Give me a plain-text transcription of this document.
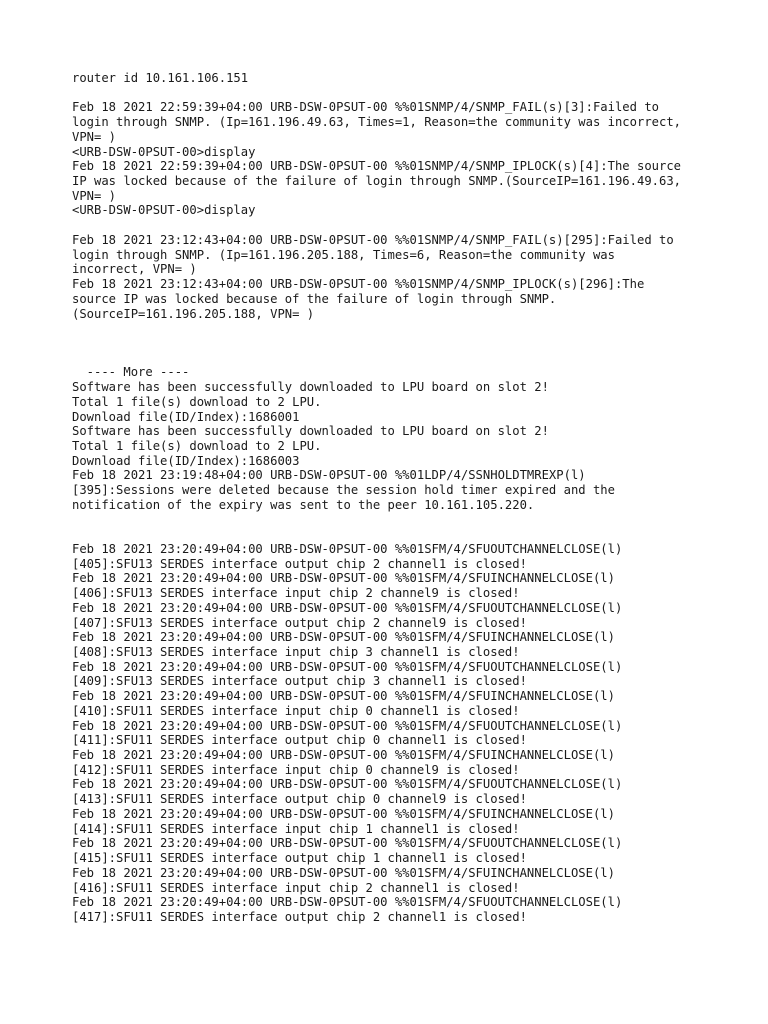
router id 10.161.106.151
Feb 18 2021 22:59:39+04:00 URB-DSW-0PSUT-00 %%01SNMP/4/SNMP_FAIL(s)[3]:Failed to
login through SNMP. (Ip=161.196.49.63, Times=1, Reason=the community was incorrect,
VPN= )
<URB-DSW-0PSUT-00>display
Feb 18 2021 22:59:39+04:00 URB-DSW-0PSUT-00 %%01SNMP/4/SNMP_IPLOCK(s)[4]:The source
IP was locked because of the failure of login through SNMP.(SourceIP=161.196.49.63,
VPN= )
<URB-DSW-0PSUT-00>display
Feb 18 2021 23:12:43+04:00 URB-DSW-0PSUT-00 %%01SNMP/4/SNMP_FAIL(s)[295]:Failed to
login through SNMP. (Ip=161.196.205.188, Times=6, Reason=the community was
incorrect, VPN= )
Feb 18 2021 23:12:43+04:00 URB-DSW-0PSUT-00 %%01SNMP/4/SNMP_IPLOCK(s)[296]:The
source IP was locked because of the failure of login through SNMP.
(SourceIP=161.196.205.188, VPN= )
---- More ----
Software has been successfully downloaded to LPU board on slot 2!
Total 1 file(s) download to 2 LPU.
Download file(ID/Index):1686001
Software has been successfully downloaded to LPU board on slot 2!
Total 1 file(s) download to 2 LPU.
Download file(ID/Index):1686003
Feb 18 2021 23:19:48+04:00 URB-DSW-0PSUT-00 %%01LDP/4/SSNHOLDTMREXP(l)
[395]:Sessions were deleted because the session hold timer expired and the
notification of the expiry was sent to the peer 10.161.105.220.
Feb 18 2021 23:20:49+04:00 URB-DSW-0PSUT-00 %%01SFM/4/SFUOUTCHANNELCLOSE(l)
[405]:SFU13 SERDES interface output chip 2 channel1 is closed!
Feb 18 2021 23:20:49+04:00 URB-DSW-0PSUT-00 %%01SFM/4/SFUINCHANNELCLOSE(l)
[406]:SFU13 SERDES interface input chip 2 channel9 is closed!
Feb 18 2021 23:20:49+04:00 URB-DSW-0PSUT-00 %%01SFM/4/SFUOUTCHANNELCLOSE(l)
[407]:SFU13 SERDES interface output chip 2 channel9 is closed!
Feb 18 2021 23:20:49+04:00 URB-DSW-0PSUT-00 %%01SFM/4/SFUINCHANNELCLOSE(l)
[408]:SFU13 SERDES interface input chip 3 channel1 is closed!
Feb 18 2021 23:20:49+04:00 URB-DSW-0PSUT-00 %%01SFM/4/SFUOUTCHANNELCLOSE(l)
[409]:SFU13 SERDES interface output chip 3 channel1 is closed!
Feb 18 2021 23:20:49+04:00 URB-DSW-0PSUT-00 %%01SFM/4/SFUINCHANNELCLOSE(l)
[410]:SFU11 SERDES interface input chip 0 channel1 is closed!
Feb 18 2021 23:20:49+04:00 URB-DSW-0PSUT-00 %%01SFM/4/SFUOUTCHANNELCLOSE(l)
[411]:SFU11 SERDES interface output chip 0 channel1 is closed!
Feb 18 2021 23:20:49+04:00 URB-DSW-0PSUT-00 %%01SFM/4/SFUINCHANNELCLOSE(l)
[412]:SFU11 SERDES interface input chip 0 channel9 is closed!
Feb 18 2021 23:20:49+04:00 URB-DSW-0PSUT-00 %%01SFM/4/SFUOUTCHANNELCLOSE(l)
[413]:SFU11 SERDES interface output chip 0 channel9 is closed!
Feb 18 2021 23:20:49+04:00 URB-DSW-0PSUT-00 %%01SFM/4/SFUINCHANNELCLOSE(l)
[414]:SFU11 SERDES interface input chip 1 channel1 is closed!
Feb 18 2021 23:20:49+04:00 URB-DSW-0PSUT-00 %%01SFM/4/SFUOUTCHANNELCLOSE(l)
[415]:SFU11 SERDES interface output chip 1 channel1 is closed!
Feb 18 2021 23:20:49+04:00 URB-DSW-0PSUT-00 %%01SFM/4/SFUINCHANNELCLOSE(l)
[416]:SFU11 SERDES interface input chip 2 channel1 is closed!
Feb 18 2021 23:20:49+04:00 URB-DSW-0PSUT-00 %%01SFM/4/SFUOUTCHANNELCLOSE(l)
[417]:SFU11 SERDES interface output chip 2 channel1 is closed!
